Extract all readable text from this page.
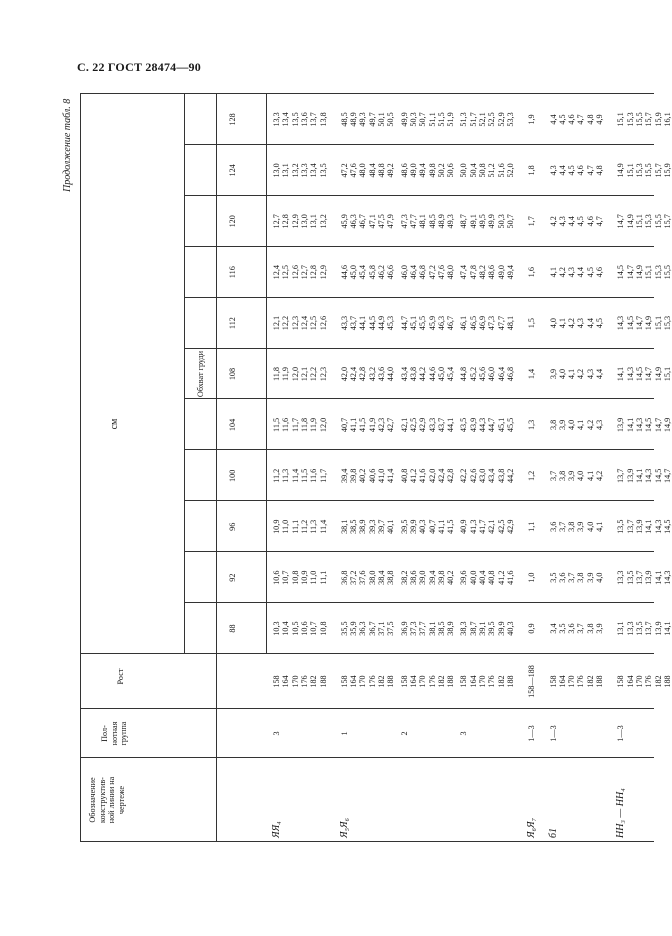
С. 22 ГОСТ 28474—90
Продолжение табл. 8
см
Обозначение
конструктив-
ной линии на
чертеже
Пол-
нотная
группа
Рост
Обхват груди
88
92
96
100
104
108
112
116
120
124
128
ЯЯ₄
3
158
10,3
10,6
10,9
11,2
11,5
11,8
12,1
12,4
12,7
13,0
13,3
164
10,4
10,7
11,0
11,3
11,6
11,9
12,2
12,5
12,8
13,1
13,4
170
10,5
10,8
11,1
11,4
11,7
12,0
12,3
12,6
12,9
13,2
13,5
176
10,6
10,9
11,2
11,5
11,8
12,1
12,4
12,7
13,0
13,3
13,6
182
10,7
11,0
11,3
11,6
11,9
12,2
12,5
12,8
13,1
13,4
13,7
188
10,8
11,1
11,4
11,7
12,0
12,3
12,6
12,9
13,2
13,5
13,8
Я₅Я₆
1
158
35,5
36,8
38,1
39,4
40,7
42,0
43,3
44,6
45,9
47,2
48,5
164
35,9
37,2
38,5
39,8
41,1
42,4
43,7
45,0
46,3
47,6
48,9
170
36,3
37,6
38,9
40,2
41,5
42,8
44,1
45,4
46,7
48,0
49,3
176
36,7
38,0
39,3
40,6
41,9
43,2
44,5
45,8
47,1
48,4
49,7
182
37,1
38,4
39,7
41,0
42,3
43,6
44,9
46,2
47,5
48,8
50,1
188
37,5
38,8
40,1
41,4
42,7
44,0
45,3
46,6
47,9
49,2
50,5
2
158
36,9
38,2
39,5
40,8
42,1
43,4
44,7
46,0
47,3
48,6
49,9
164
37,3
38,6
39,9
41,2
42,5
43,8
45,1
46,4
47,7
49,0
50,3
170
37,7
39,0
40,3
41,6
42,9
44,2
45,5
46,8
48,1
49,4
50,7
176
38,1
39,4
40,7
42,0
43,3
44,6
45,9
47,2
48,5
49,8
51,1
182
38,5
39,8
41,1
42,4
43,7
45,0
46,3
47,6
48,9
50,2
51,5
188
38,9
40,2
41,5
42,8
44,1
45,4
46,7
48,0
49,3
50,6
51,9
3
158
38,3
39,6
40,9
42,2
43,5
44,8
46,1
47,4
48,7
50,0
51,3
164
38,7
40,0
41,3
42,6
43,9
45,2
46,5
47,8
49,1
50,4
51,7
170
39,1
40,4
41,7
43,0
44,3
45,6
46,9
48,2
49,5
50,8
52,1
176
39,5
40,8
42,1
43,4
44,7
46,0
47,3
48,6
49,9
51,2
52,5
182
39,9
41,2
42,5
43,8
45,1
46,4
47,7
49,0
50,3
51,6
52,9
188
40,3
41,6
42,9
44,2
45,5
46,8
48,1
49,4
50,7
52,0
53,3
Я₆Я₇
1—3
158—188
0,9
1,0
1,1
1,2
1,3
1,4
1,5
1,6
1,7
1,8
1,9
б1
1—3
158
3,4
3,5
3,6
3,7
3,8
3,9
4,0
4,1
4,2
4,3
4,4
164
3,5
3,6
3,7
3,8
3,9
4,0
4,1
4,2
4,3
4,4
4,5
170
3,6
3,7
3,8
3,9
4,0
4,1
4,2
4,3
4,4
4,5
4,6
176
3,7
3,8
3,9
4,0
4,1
4,2
4,3
4,4
4,5
4,6
4,7
182
3,8
3,9
4,0
4,1
4,2
4,3
4,4
4,5
4,6
4,7
4,8
188
3,9
4,0
4,1
4,2
4,3
4,4
4,5
4,6
4,7
4,8
4,9
НН₃ — НН₄
1—3
158
13,1
13,3
13,5
13,7
13,9
14,1
14,3
14,5
14,7
14,9
15,1
164
13,3
13,5
13,7
13,9
14,1
14,3
14,5
14,7
14,9
15,1
15,3
170
13,5
13,7
13,9
14,1
14,3
14,5
14,7
14,9
15,1
15,3
15,5
176
13,7
13,9
14,1
14,3
14,5
14,7
14,9
15,1
15,3
15,5
15,7
182
13,9
14,1
14,3
14,5
14,7
14,9
15,1
15,3
15,5
15,7
15,9
188
14,1
14,3
14,5
14,7
14,9
15,1
15,3
15,5
15,7
15,9
16,1
